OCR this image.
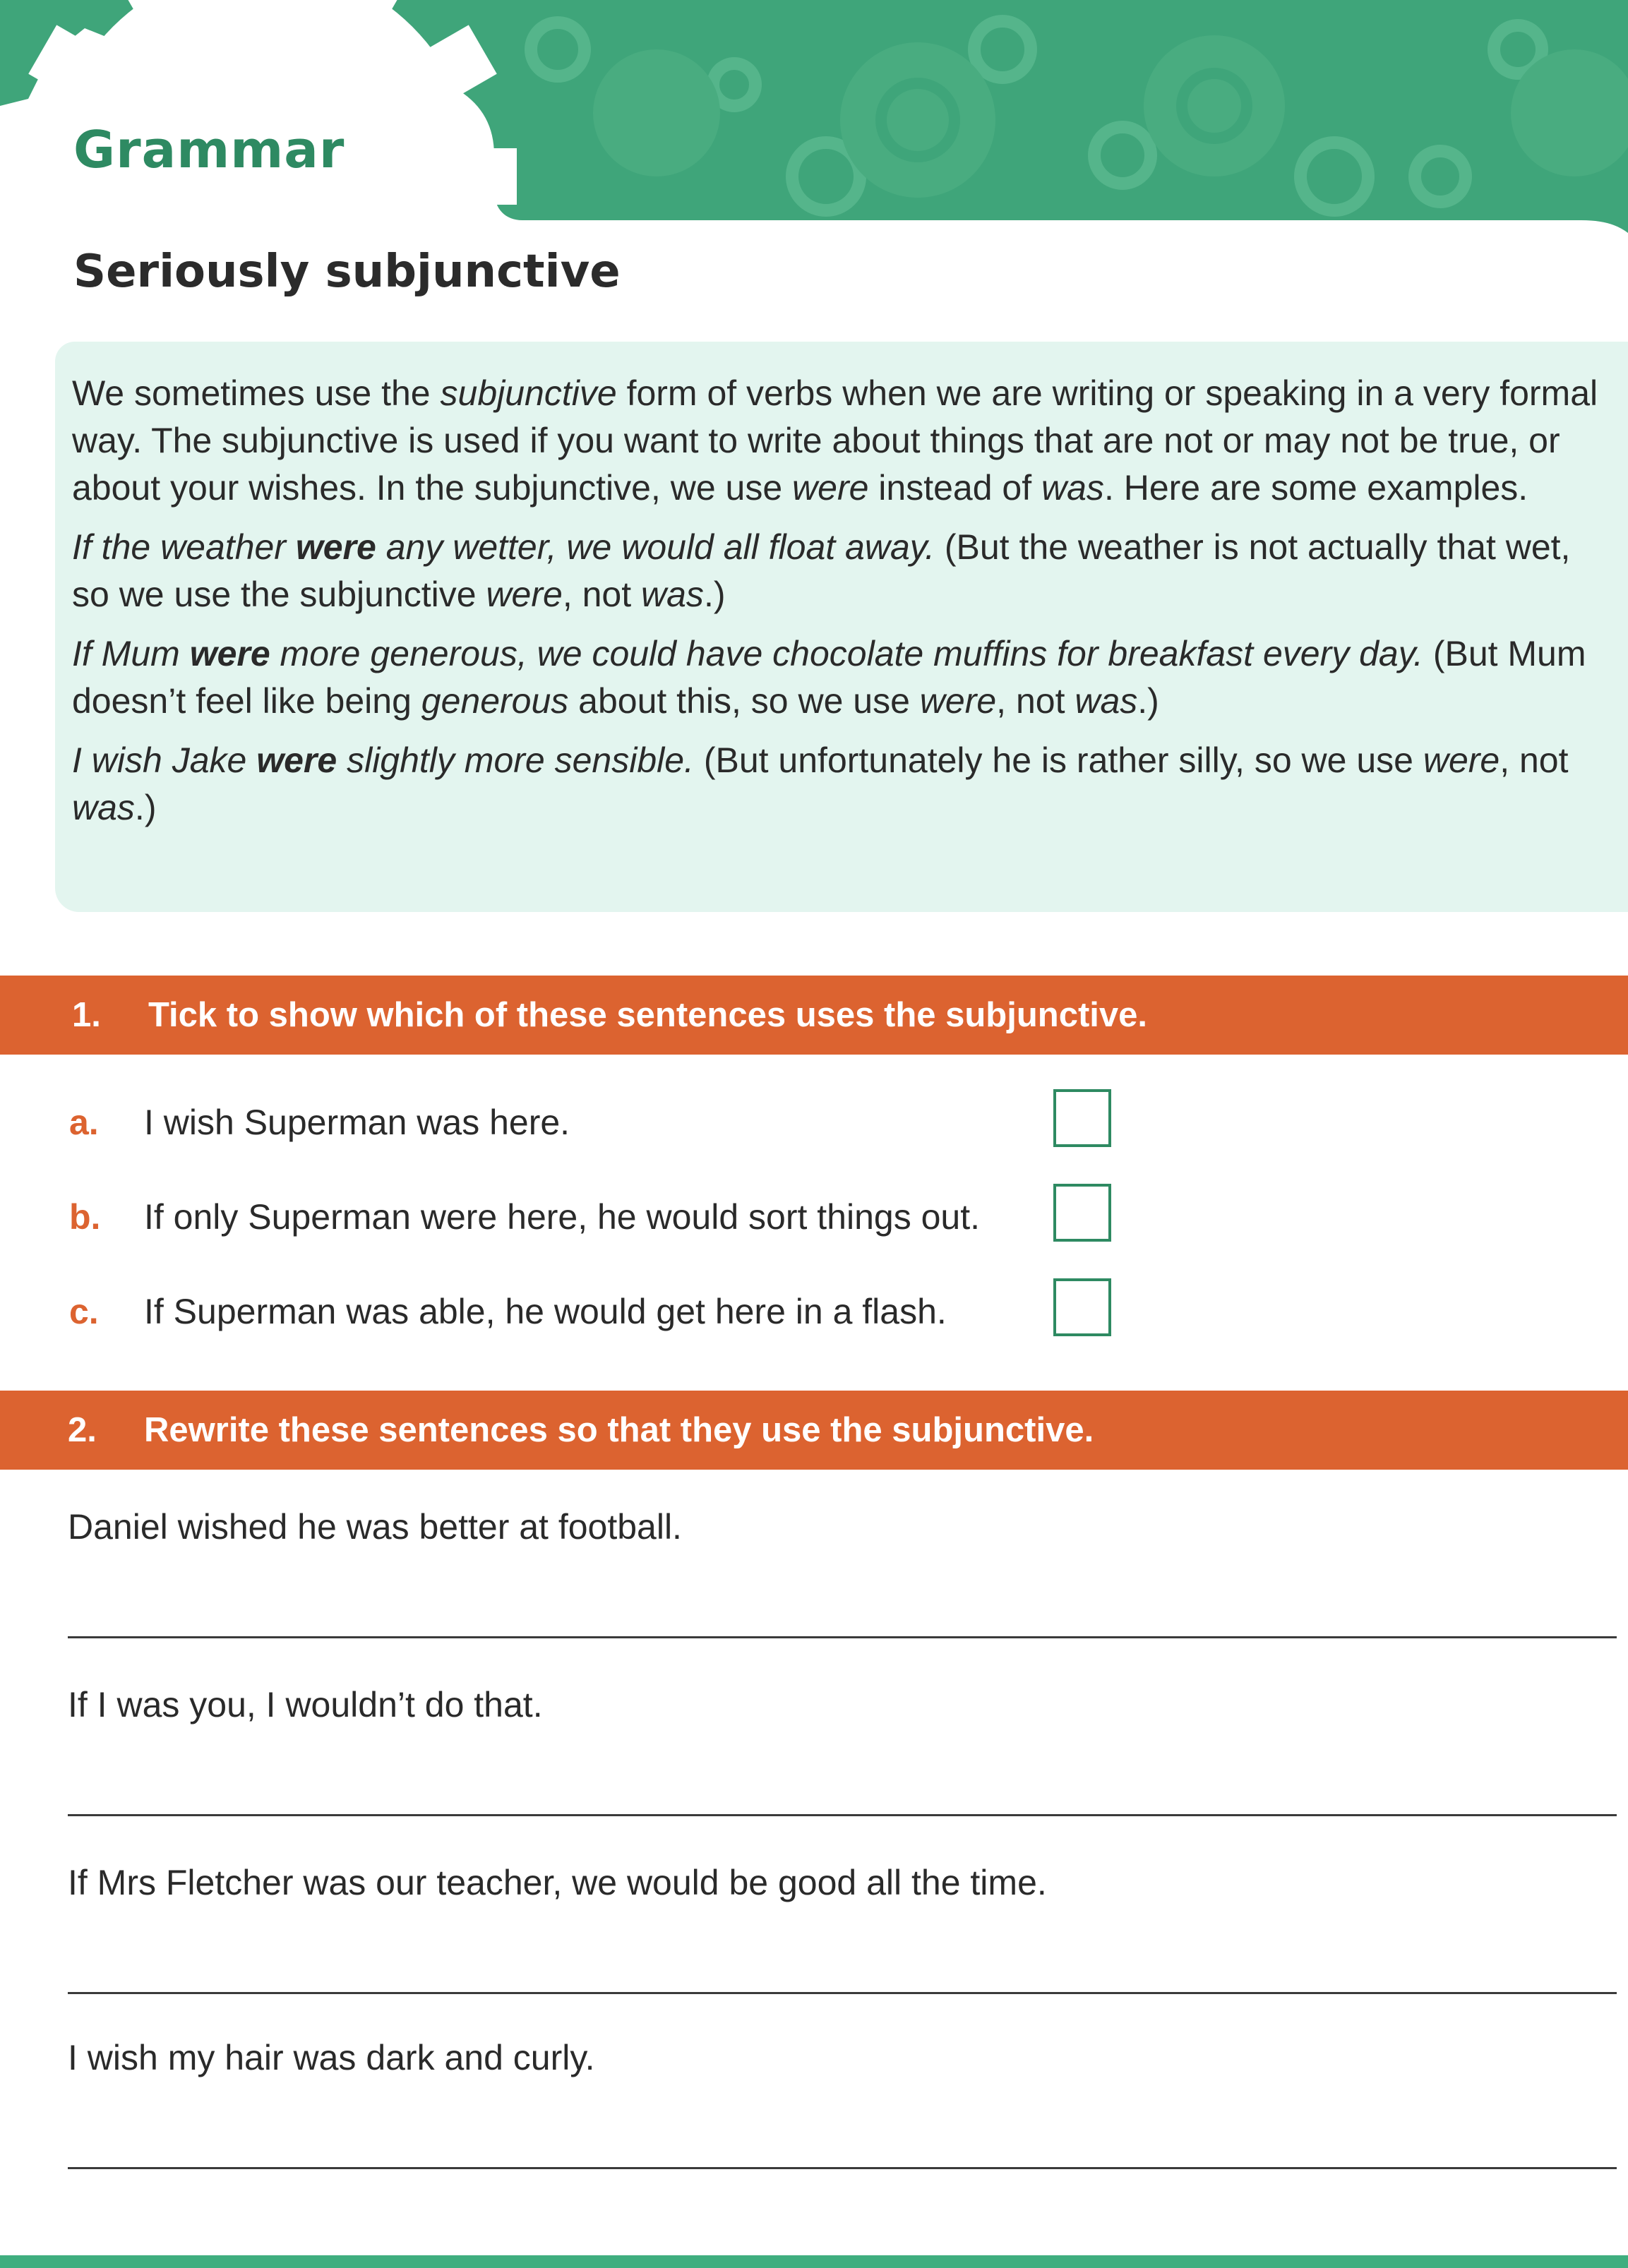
Grammar
Seriously subjunctive

We sometimes use the subjunctive form of verbs when we are writing or speaking in a very formal way. The subjunctive is used if you want to write about things that are not or may not be true, or about your wishes. In the subjunctive, we use were instead of was. Here are some examples.

If the weather were any wetter, we would all float away. (But the weather is not actually that wet, so we use the subjunctive were, not was.)

If Mum were more generous, we could have chocolate muffins for breakfast every day. (But Mum doesn’t feel like being generous about this, so we use were, not was.)

I wish Jake were slightly more sensible. (But unfortunately he is rather silly, so we use were, not was.)

1.	Tick to show which of these sentences uses the subjunctive.
a.	I wish Superman was here.
b.	If only Superman were here, he would sort things out.
c.	If Superman was able, he would get here in a flash.
2.	Rewrite these sentences so that they use the subjunctive.
Daniel wished he was better at football.
If I was you, I wouldn’t do that.
If Mrs Fletcher was our teacher, we would be good all the time.
I wish my hair was dark and curly.
